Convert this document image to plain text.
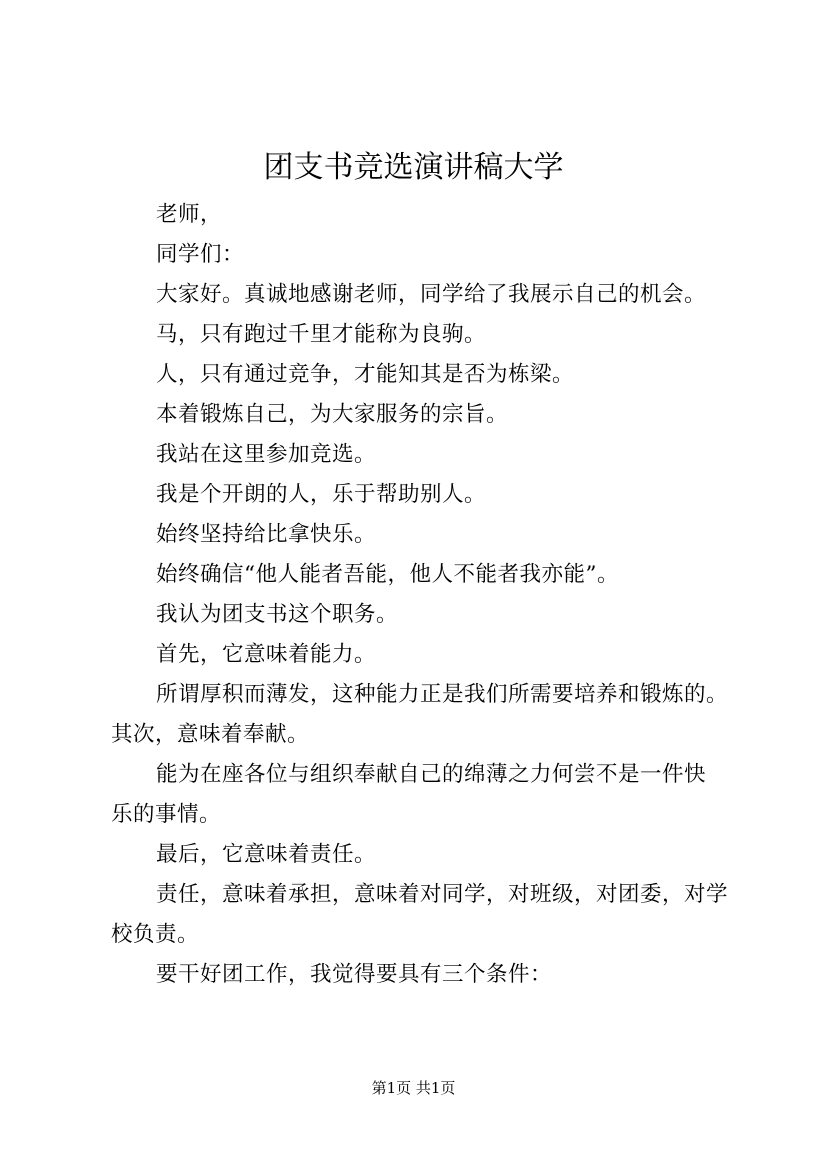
团支书竞选演讲稿大学

老师，

同学们：

大家好。真诚地感谢老师，同学给了我展示自己的机会。

马，只有跑过千里才能称为良驹。

人，只有通过竞争，才能知其是否为栋梁。

本着锻炼自己，为大家服务的宗旨。

我站在这里参加竞选。

我是个开朗的人，乐于帮助别人。

始终坚持给比拿快乐。

始终确信“他人能者吾能，他人不能者我亦能”。

我认为团支书这个职务。

首先，它意味着能力。

所谓厚积而薄发，这种能力正是我们所需要培养和锻炼的。

其次，意味着奉献。

能为在座各位与组织奉献自己的绵薄之力何尝不是一件快

乐的事情。

最后，它意味着责任。

责任，意味着承担，意味着对同学，对班级，对团委，对学

校负责。

要干好团工作，我觉得要具有三个条件：

第1页 共1页
